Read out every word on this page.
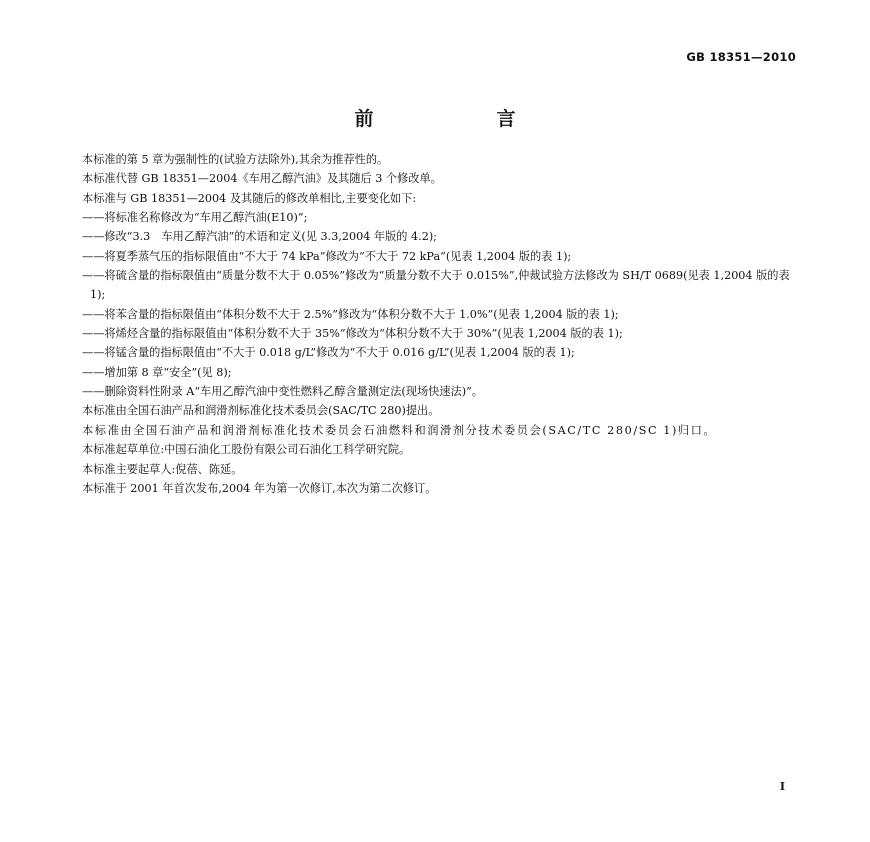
GB 18351—2010
前　言

本标准的第 5 章为强制性的(试验方法除外),其余为推荐性的。

本标准代替 GB 18351—2004《车用乙醇汽油》及其随后 3 个修改单。

本标准与 GB 18351—2004 及其随后的修改单相比,主要变化如下:

——将标准名称修改为“车用乙醇汽油(E10)”;

——修改“3.3　车用乙醇汽油”的术语和定义(见 3.3,2004 年版的 4.2);

——将夏季蒸气压的指标限值由“不大于 74 kPa”修改为“不大于 72 kPa”(见表 1,2004 版的表 1);

——将硫含量的指标限值由“质量分数不大于 0.05%”修改为“质量分数不大于 0.015%”,仲裁试验方法修改为 SH/T 0689(见表 1,2004 版的表 1);

——将苯含量的指标限值由“体积分数不大于 2.5%”修改为“体积分数不大于 1.0%”(见表 1,2004 版的表 1);

——将烯烃含量的指标限值由“体积分数不大于 35%”修改为“体积分数不大于 30%”(见表 1,2004 版的表 1);

——将锰含量的指标限值由“不大于 0.018 g/L”修改为“不大于 0.016 g/L”(见表 1,2004 版的表 1);

——增加第 8 章“安全”(见 8);

——删除资料性附录 A“车用乙醇汽油中变性燃料乙醇含量测定法(现场快速法)”。

本标准由全国石油产品和润滑剂标准化技术委员会(SAC/TC 280)提出。

本标准由全国石油产品和润滑剂标准化技术委员会石油燃料和润滑剂分技术委员会(SAC/TC 280/SC 1)归口。

本标准起草单位:中国石油化工股份有限公司石油化工科学研究院。

本标准主要起草人:倪蓓、陈延。

本标准于 2001 年首次发布,2004 年为第一次修订,本次为第二次修订。

I
